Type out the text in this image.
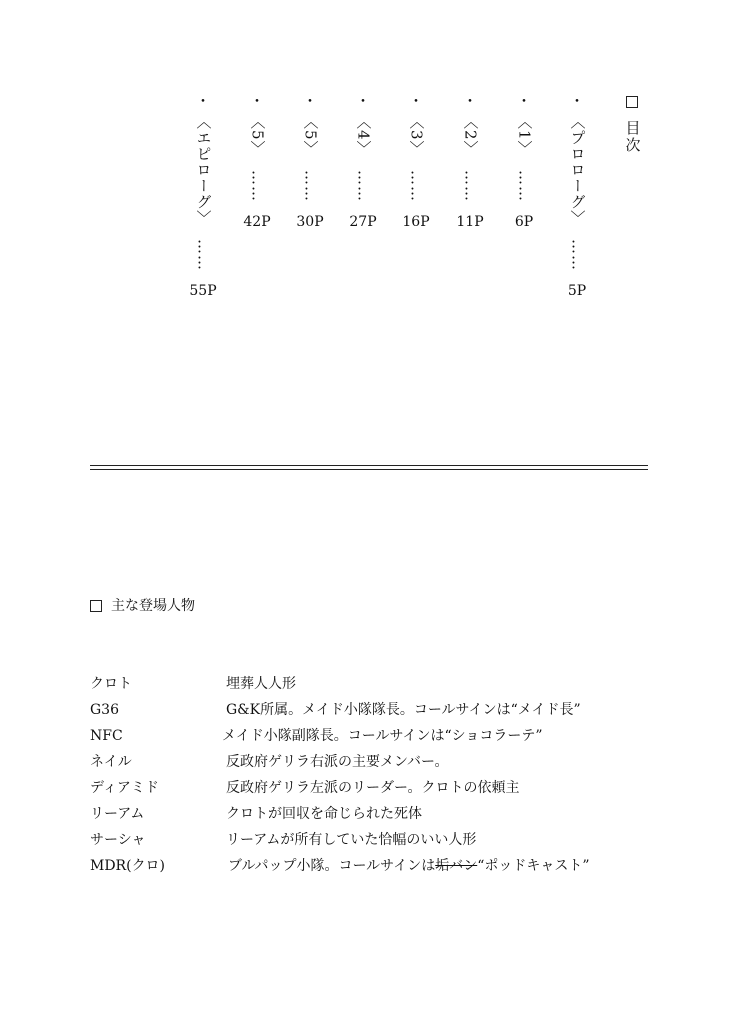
目次
・
〈プロローグ〉
……
5P
・
〈1〉
……
6P
・
〈2〉
……
11P
・
〈3〉
……
16P
・
〈4〉
……
27P
・
〈5〉
……
30P
・
〈5〉
……
42P
・
〈エピローグ〉
……
55P
主な登場人物
クロト	埋葬人人形
G36	G&K所属。メイド小隊隊長。コールサインは“メイド長”
NFC	メイド小隊副隊長。コールサインは“ショコラーテ”
ネイル	反政府ゲリラ右派の主要メンバー。
ディアミド	反政府ゲリラ左派のリーダー。クロトの依頼主
リーアム	クロトが回収を命じられた死体
サーシャ	リーアムが所有していた恰幅のいい人形
MDR(クロ)	ブルパップ小隊。コールサインは垢バン“ポッドキャスト”
